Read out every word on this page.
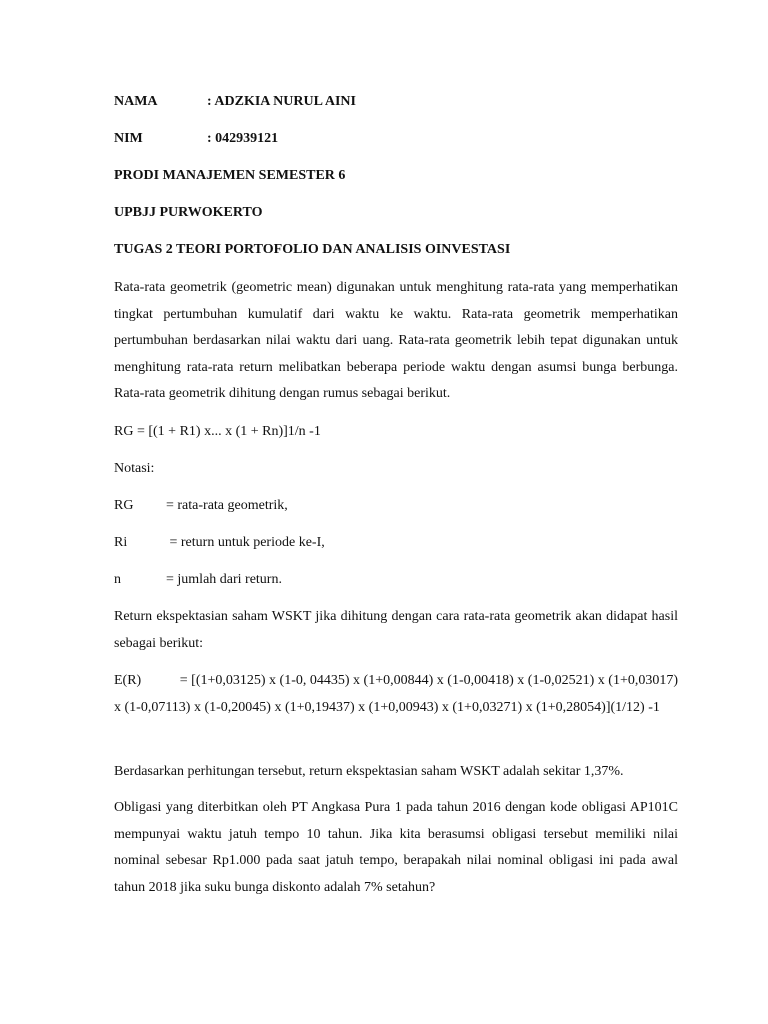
NAMA	: ADZKIA NURUL AINI
NIM	: 042939121
PRODI MANAJEMEN SEMESTER 6
UPBJJ PURWOKERTO
TUGAS 2 TEORI PORTOFOLIO DAN ANALISIS OINVESTASI

Rata-rata geometrik (geometric mean) digunakan untuk menghitung rata-rata yang memperhatikan tingkat pertumbuhan kumulatif dari waktu ke waktu. Rata-rata geometrik memperhatikan pertumbuhan berdasarkan nilai waktu dari uang. Rata-rata geometrik lebih tepat digunakan untuk menghitung rata-rata return melibatkan beberapa periode waktu dengan asumsi bunga berbunga. Rata-rata geometrik dihitung dengan rumus sebagai berikut.

RG = [(1 + R1) x... x (1 + Rn)]1/n -1
Notasi:
RG = rata-rata geometrik,
Ri	= return untuk periode ke-I,
n	= jumlah dari return.

Return ekspektasian saham WSKT jika dihitung dengan cara rata-rata geometrik akan didapat hasil sebagai berikut:

E(R)           = [(1+0,03125) x (1-0, 04435) x (1+0,00844) x (1-0,00418) x (1-0,02521) x (1+0,03017) x (1-0,07113) x (1-0,20045) x (1+0,19437) x (1+0,00943) x (1+0,03271) x (1+0,28054)](1/12) -1

Berdasarkan perhitungan tersebut, return ekspektasian saham WSKT adalah sekitar 1,37%.

Obligasi yang diterbitkan oleh PT Angkasa Pura 1 pada tahun 2016 dengan kode obligasi AP101C mempunyai waktu jatuh tempo 10 tahun. Jika kita berasumsi obligasi tersebut memiliki nilai nominal sebesar Rp1.000 pada saat jatuh tempo, berapakah nilai nominal obligasi ini pada awal tahun 2018 jika suku bunga diskonto adalah 7% setahun?
